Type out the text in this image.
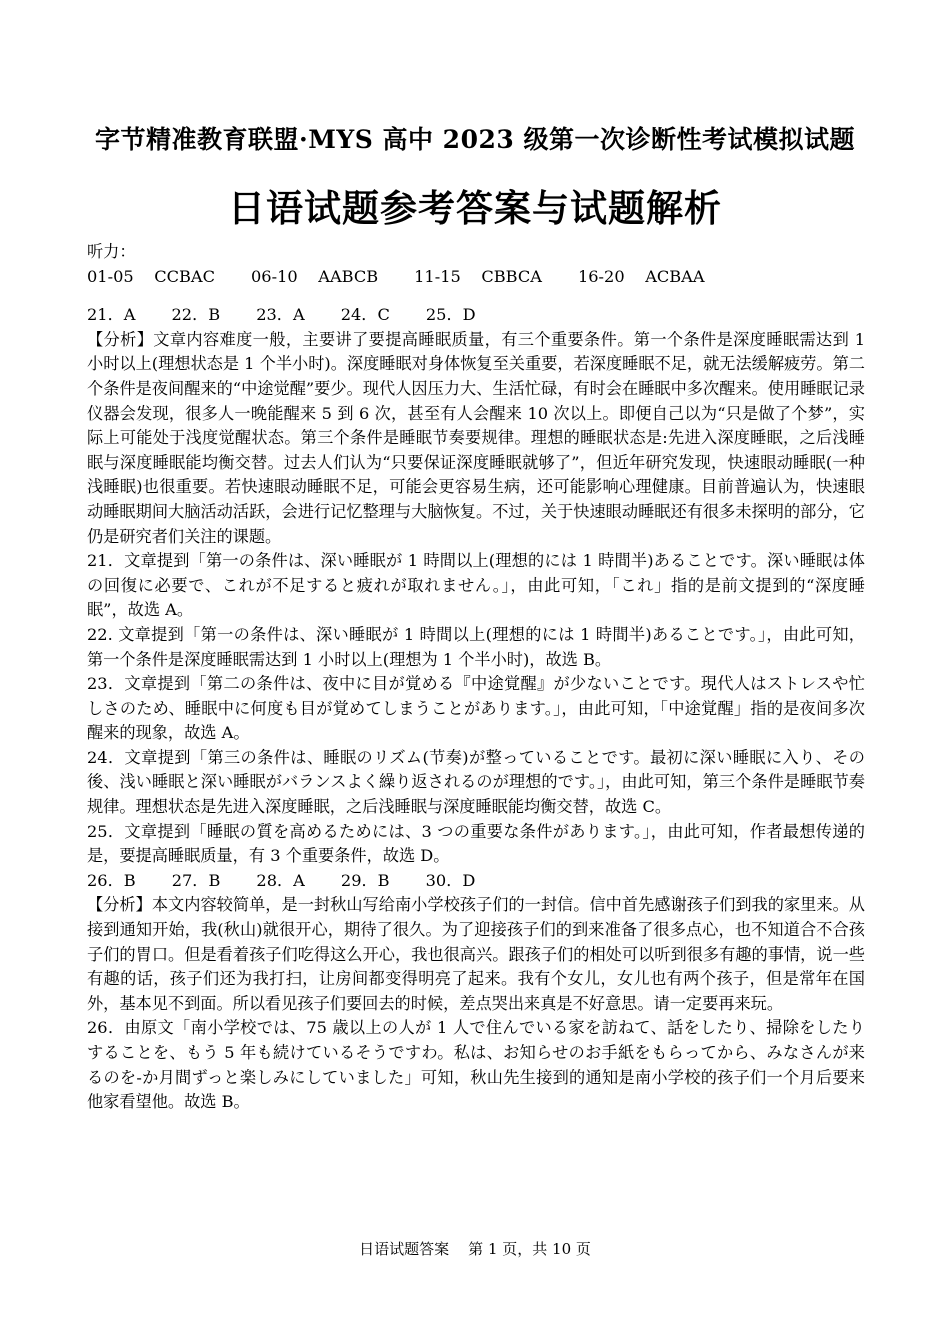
字节精准教育联盟·MYS 高中 2023 级第一次诊断性考试模拟试题
日语试题参考答案与试题解析

听力：

01-05    CCBAC       06-10    AABCB       11-15    CBBCA       16-20    ACBAA

21．A       22．B       23．A       24．C       25．D

【分析】文章内容难度一般，主要讲了要提高睡眠质量，有三个重要条件。第一个条件是深度睡眠需达到 1 小时以上(理想状态是 1 个半小时)。深度睡眠对身体恢复至关重要，若深度睡眠不足，就无法缓解疲劳。第二个条件是夜间醒来的“中途觉醒”要少。现代人因压力大、生活忙碌，有时会在睡眠中多次醒来。使用睡眠记录仪器会发现，很多人一晚能醒来 5 到 6 次，甚至有人会醒来 10 次以上。即便自己以为“只是做了个梦”，实际上可能处于浅度觉醒状态。第三个条件是睡眠节奏要规律。理想的睡眠状态是:先进入深度睡眠，之后浅睡眠与深度睡眠能均衡交替。过去人们认为“只要保证深度睡眠就够了”，但近年研究发现，快速眼动睡眠(一种浅睡眠)也很重要。若快速眼动睡眠不足，可能会更容易生病，还可能影响心理健康。目前普遍认为，快速眼动睡眠期间大脑活动活跃，会进行记忆整理与大脑恢复。不过，关于快速眼动睡眠还有很多未探明的部分，它仍是研究者们关注的课题。

21．文章提到「第一の条件は、深い睡眠が 1 時間以上(理想的には 1 時間半)あることです。深い睡眠は体の回復に必要で、これが不足すると疲れが取れません。」，由此可知，「これ」指的是前文提到的“深度睡眠”，故选 A。

22. 文章提到「第一の条件は、深い睡眠が 1 時間以上(理想的には 1 時間半)あることです。」，由此可知，第一个条件是深度睡眠需达到 1 小时以上(理想为 1 个半小时)，故选 B。

23．文章提到「第二の条件は、夜中に目が覚める『中途覚醒』が少ないことです。現代人はストレスや忙しさのため、睡眠中に何度も目が覚めてしまうことがあります。」，由此可知，「中途覚醒」指的是夜间多次醒来的现象，故选 A。

24．文章提到「第三の条件は、睡眠のリズム(节奏)が整っていることです。最初に深い睡眠に入り、その後、浅い睡眠と深い睡眠がバランスよく繰り返されるのが理想的です。」，由此可知，第三个条件是睡眠节奏规律。理想状态是先进入深度睡眠，之后浅睡眠与深度睡眠能均衡交替，故选 C。

25．文章提到「睡眠の質を高めるためには、3 つの重要な条件があります。」，由此可知，作者最想传递的是，要提高睡眠质量，有 3 个重要条件，故选 D。

26．B       27．B       28．A       29．B       30．D

【分析】本文内容较简单，是一封秋山写给南小学校孩子们的一封信。信中首先感谢孩子们到我的家里来。从接到通知开始，我(秋山)就很开心，期待了很久。为了迎接孩子们的到来准备了很多点心，也不知道合不合孩子们的胃口。但是看着孩子们吃得这么开心，我也很高兴。跟孩子们的相处可以听到很多有趣的事情，说一些有趣的话，孩子们还为我打扫，让房间都变得明亮了起来。我有个女儿，女儿也有两个孩子，但是常年在国外，基本见不到面。所以看见孩子们要回去的时候，差点哭出来真是不好意思。请一定要再来玩。

26．由原文「南小学校では、75 歳以上の人が 1 人で住んでいる家を訪ねて、話をしたり、掃除をしたりすることを、もう 5 年も続けているそうですわ。私は、お知らせのお手紙をもらってから、みなさんが来るのを-か月間ずっと楽しみにしていました」可知，秋山先生接到的通知是南小学校的孩子们一个月后要来他家看望他。故选 B。

日语试题答案    第 1 页，共 10 页
